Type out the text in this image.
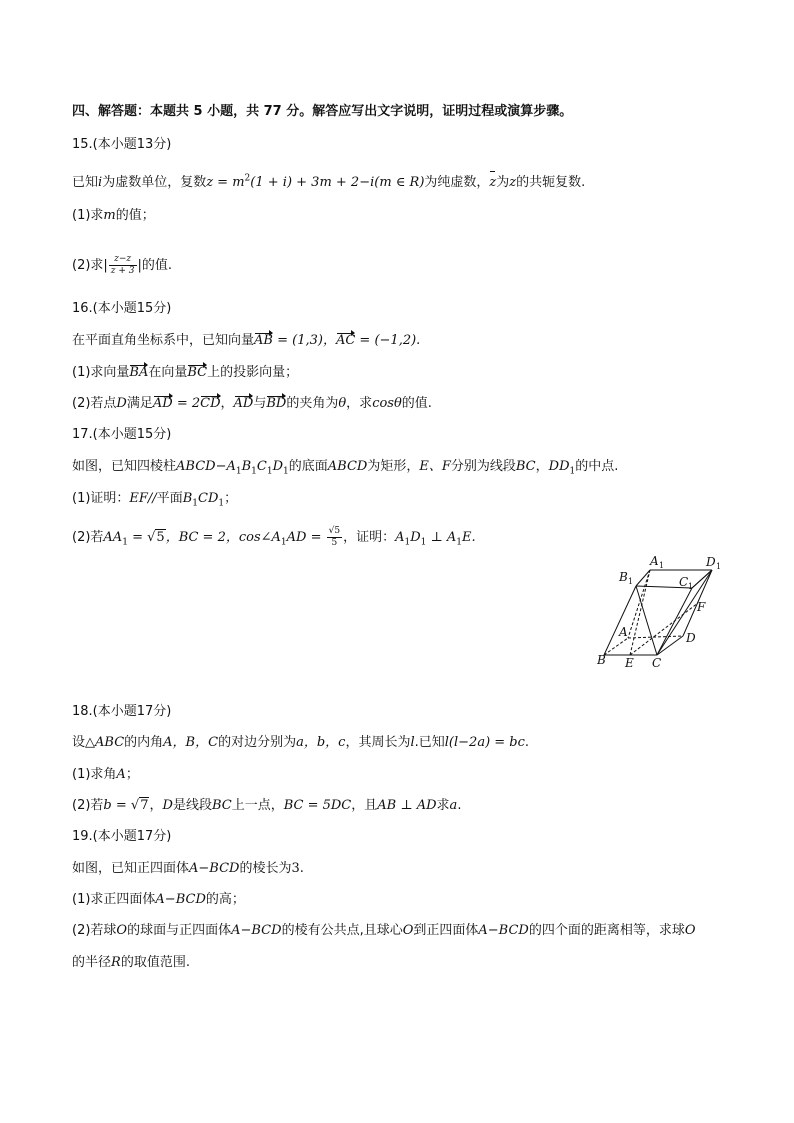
四、解答题：本题共 5 小题，共 77 分。解答应写出文字说明，证明过程或演算步骤。
15.(本小题13分)
已知i为虚数单位，复数$z = m^2(1 + i) + 3m + 2-i(m$ ∈ R)为纯虚数，z为z的共轭复数.
(1)求m的值；
(2)求| $\frac{z-z}{z + 3}$ |的值.
16.(本小题15分)
在平面直角坐标系中，已知向量AB = (1,3)，AC = (−1,2).
(1)求向量BA在向量BC上的投影向量；
(2)若点D满足AD = 2CD，AD与BD的夹角为θ，求cosθ的值.
17.(本小题15分)
如图，已知四棱柱$ABCD-A_1B_1C_1D_1$的底面ABCD为矩形，E、F分别为线段BC，$DD_1$的中点.
(1)证明：EF//平面$B_1CD_1$；
(2)若$AA_1 = √5$，BC = 2，$\cos\angle A_1AD = \frac{√5}{5}$ ，证明：$A_1D_1$ ⊥ $A_1E$.
A 1	D 1
B 1	C 1
F
A	D
B E C
18.(本小题17分)
设△ABC的内角A，B，C的对边分别为a，b，c，其周长为l.已知l(l−2a) = bc.
(1)求角A；
(2)若b = √7，D是线段BC上一点，BC = 5DC，且AB ⊥ AD求a.
19.(本小题17分)
如图，已知正四面体A−BCD的棱长为3.
(1)求正四面体A−BCD的高；
(2)若球O的球面与正四面体A−BCD的棱有公共点,且球心O到正四面体A−BCD的四个面的距离相等，求球O
的半径R的取值范围.
